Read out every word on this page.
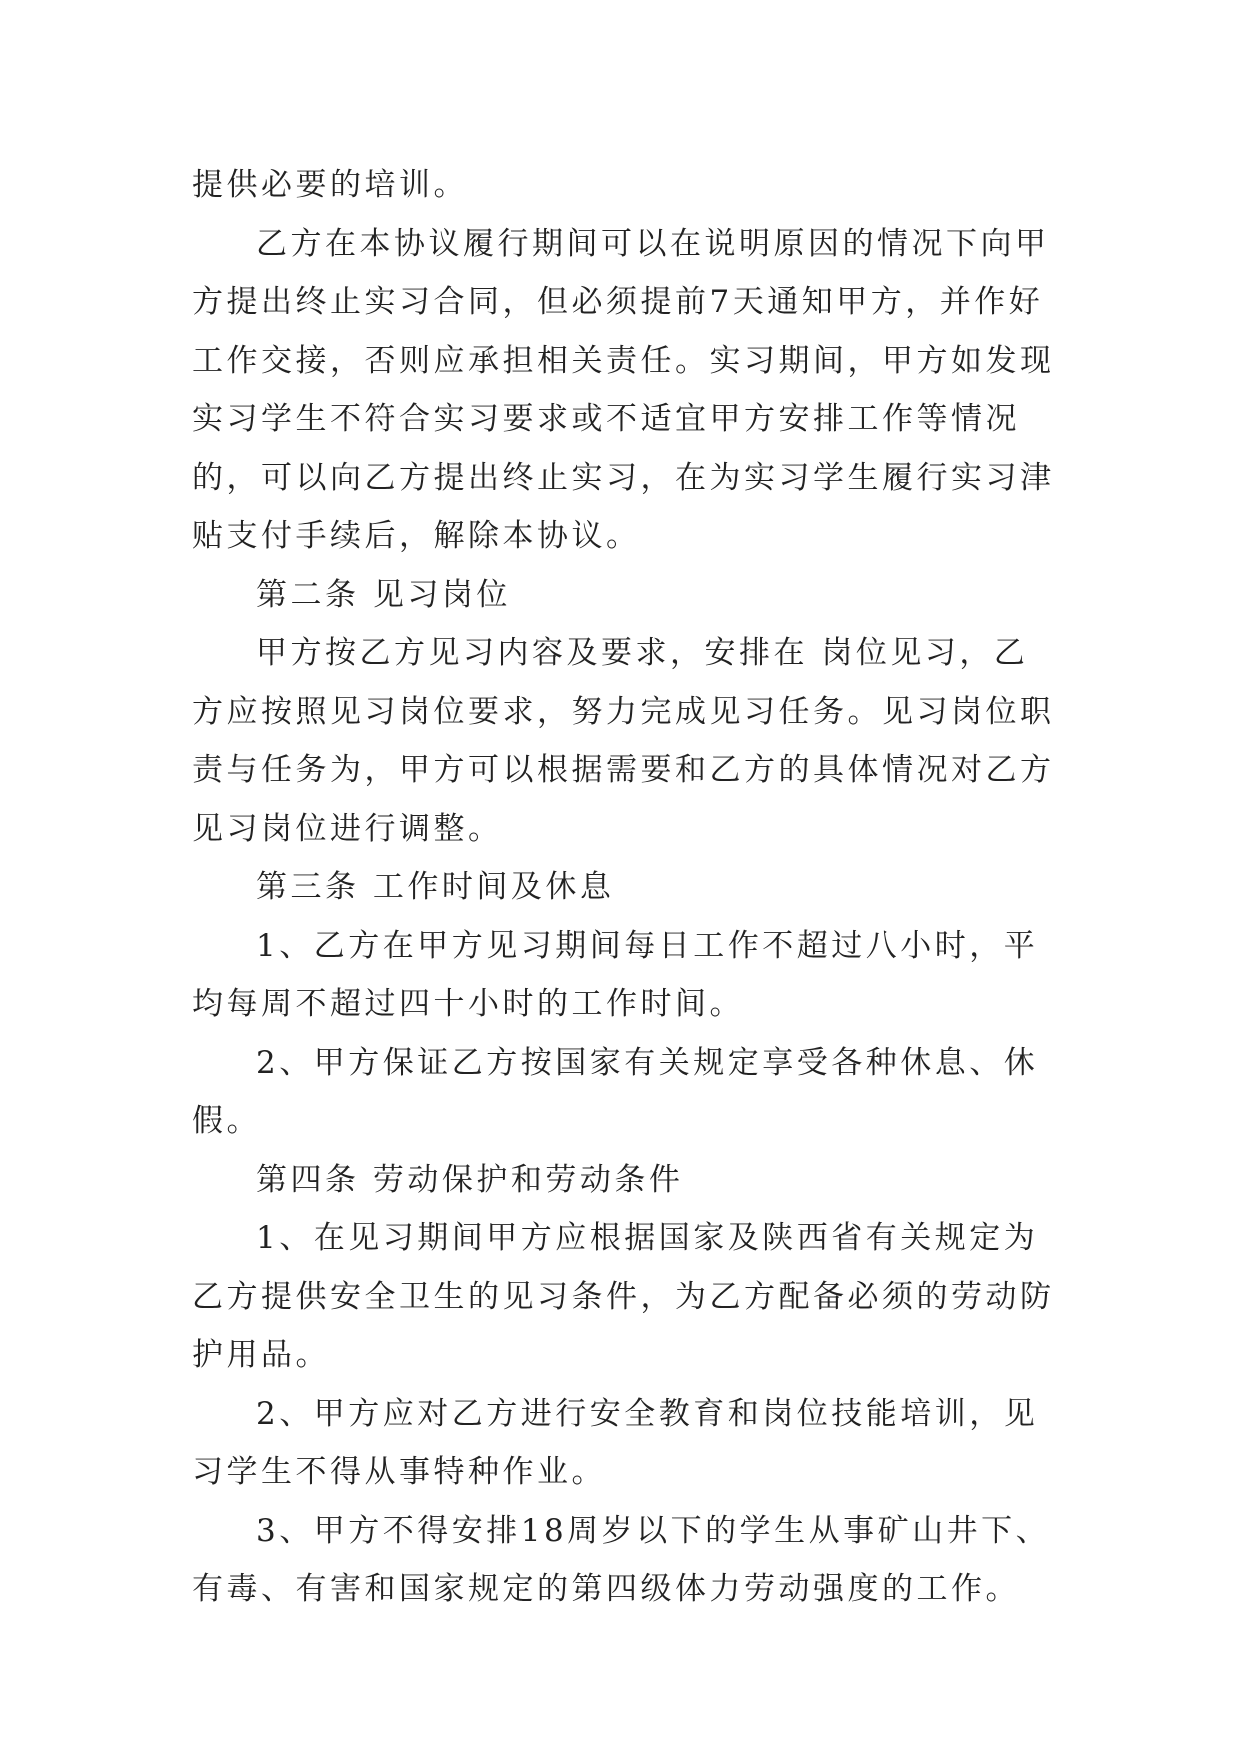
提供必要的培训。

乙方在本协议履行期间可以在说明原因的情况下向甲方提出终止实习合同，但必须提前7天通知甲方，并作好工作交接，否则应承担相关责任。实习期间，甲方如发现实习学生不符合实习要求或不适宜甲方安排工作等情况的，可以向乙方提出终止实习，在为实习学生履行实习津贴支付手续后，解除本协议。

第二条 见习岗位

甲方按乙方见习内容及要求，安排在 岗位见习，乙方应按照见习岗位要求，努力完成见习任务。见习岗位职责与任务为，甲方可以根据需要和乙方的具体情况对乙方见习岗位进行调整。

第三条 工作时间及休息

1、乙方在甲方见习期间每日工作不超过八小时，平均每周不超过四十小时的工作时间。

2、甲方保证乙方按国家有关规定享受各种休息、休假。

第四条 劳动保护和劳动条件

1、在见习期间甲方应根据国家及陕西省有关规定为乙方提供安全卫生的见习条件，为乙方配备必须的劳动防护用品。

2、甲方应对乙方进行安全教育和岗位技能培训，见习学生不得从事特种作业。

3、甲方不得安排18周岁以下的学生从事矿山井下、有毒、有害和国家规定的第四级体力劳动强度的工作。
